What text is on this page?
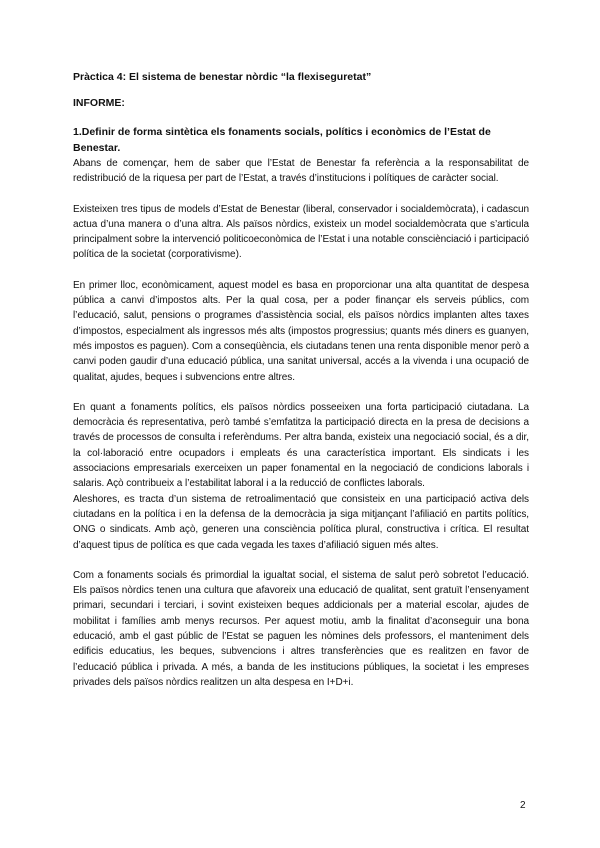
Pràctica 4: El sistema de benestar nòrdic “la flexiseguretat”
INFORME:
1.Definir de forma sintètica els fonaments socials, polítics i econòmics de l’Estat de Benestar.

Abans de començar, hem de saber que l’Estat de Benestar fa referència a la responsabilitat de redistribució de la riquesa per part de l’Estat, a través d’institucions i polítiques de caràcter social.

Existeixen tres tipus de models d’Estat de Benestar (liberal, conservador i socialdemòcrata), i cadascun actua d’una manera o d’una altra. Als països nòrdics, existeix un model socialdemòcrata que s’articula principalment sobre la intervenció politicoeconòmica de l’Estat i una notable consciènciació i participació política de la societat (corporativisme).

En primer lloc, econòmicament, aquest model es basa en proporcionar una alta quantitat de despesa pública a canvi d’impostos alts. Per la qual cosa, per a poder finançar els serveis públics, com l’educació, salut, pensions o programes d’assistència social, els països nòrdics implanten altes taxes d’impostos, especialment als ingressos més alts (impostos progressius; quants més diners es guanyen, més impostos es paguen). Com a conseqüència, els ciutadans tenen una renta disponible menor però a canvi poden gaudir d’una educació pública, una sanitat universal, accés a la vivenda i una ocupació de qualitat, ajudes, beques i subvencions entre altres.

En quant a fonaments polítics, els països nòrdics posseeixen una forta participació ciutadana. La democràcia és representativa, però també s’emfatitza la participació directa en la presa de decisions a través de processos de consulta i referèndums. Per altra banda, existeix una negociació social, és a dir, la col·laboració entre ocupadors i empleats és una característica important. Els sindicats i les associacions empresarials exerceixen un paper fonamental en la negociació de condicions laborals i salaris. Açò contribueix a l’estabilitat laboral i a la reducció de conflictes laborals.

Aleshores, es tracta d’un sistema de retroalimentació que consisteix en una participació activa dels ciutadans en la política i en la defensa de la democràcia ja siga mitjançant l’afiliació en partits polítics, ONG o sindicats. Amb açò, generen una consciència política plural, constructiva i crítica. El resultat d’aquest tipus de política es que cada vegada les taxes d’afiliació siguen més altes.

Com a fonaments socials és primordial la igualtat social, el sistema de salut però sobretot l’educació. Els països nòrdics tenen una cultura que afavoreix una educació de qualitat, sent gratuït l’ensenyament primari, secundari i terciari, i sovint existeixen beques addicionals per a material escolar, ajudes de mobilitat i famílies amb menys recursos. Per aquest motiu, amb la finalitat d’aconseguir una bona educació, amb el gast públic de l’Estat se paguen les nòmines dels professors, el manteniment dels edificis educatius, les beques, subvencions i altres transferències que es realitzen en favor de l’educació pública i privada. A més, a banda de les institucions públiques, la societat i les empreses privades dels països nòrdics realitzen un alta despesa en I+D+i.

2
